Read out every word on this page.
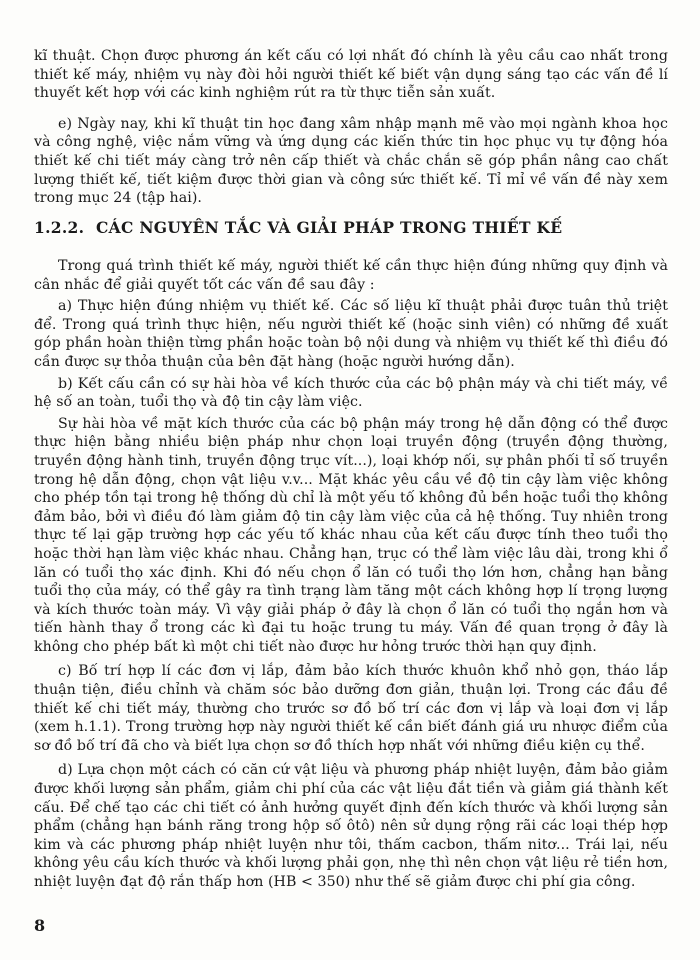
kĩ thuật. Chọn được phương án kết cấu có lợi nhất đó chính là yêu cầu cao nhất trong thiết kế máy, nhiệm vụ này đòi hỏi người thiết kế biết vận dụng sáng tạo các vấn đề lí thuyết kết hợp với các kinh nghiệm rút ra từ thực tiễn sản xuất.

e) Ngày nay, khi kĩ thuật tin học đang xâm nhập mạnh mẽ vào mọi ngành khoa học và công nghệ, việc nắm vững và ứng dụng các kiến thức tin học phục vụ tự động hóa thiết kế chi tiết máy càng trở nên cấp thiết và chắc chắn sẽ góp phần nâng cao chất lượng thiết kế, tiết kiệm được thời gian và công sức thiết kế. Tỉ mỉ về vấn đề này xem trong mục 24 (tập hai).

1.2.2. CÁC NGUYÊN TẮC VÀ GIẢI PHÁP TRONG THIẾT KẾ

Trong quá trình thiết kế máy, người thiết kế cần thực hiện đúng những quy định và cân nhắc để giải quyết tốt các vấn đề sau đây :

a) Thực hiện đúng nhiệm vụ thiết kế. Các số liệu kĩ thuật phải được tuân thủ triệt để. Trong quá trình thực hiện, nếu người thiết kế (hoặc sinh viên) có những đề xuất góp phần hoàn thiện từng phần hoặc toàn bộ nội dung và nhiệm vụ thiết kế thì điều đó cần được sự thỏa thuận của bên đặt hàng (hoặc người hướng dẫn).

b) Kết cấu cần có sự hài hòa về kích thước của các bộ phận máy và chi tiết máy, về hệ số an toàn, tuổi thọ và độ tin cậy làm việc.

Sự hài hòa về mặt kích thước của các bộ phận máy trong hệ dẫn động có thể được thực hiện bằng nhiều biện pháp như chọn loại truyền động (truyền động thường, truyền động hành tinh, truyền động trục vít...), loại khớp nối, sự phân phối tỉ số truyền trong hệ dẫn động, chọn vật liệu v.v... Mặt khác yêu cầu về độ tin cậy làm việc không cho phép tồn tại trong hệ thống dù chỉ là một yếu tố không đủ bền hoặc tuổi thọ không đảm bảo, bởi vì điều đó làm giảm độ tin cậy làm việc của cả hệ thống. Tuy nhiên trong thực tế lại gặp trường hợp các yếu tố khác nhau của kết cấu được tính theo tuổi thọ hoặc thời hạn làm việc khác nhau. Chẳng hạn, trục có thể làm việc lâu dài, trong khi ổ lăn có tuổi thọ xác định. Khi đó nếu chọn ổ lăn có tuổi thọ lớn hơn, chẳng hạn bằng tuổi thọ của máy, có thể gây ra tình trạng làm tăng một cách không hợp lí trọng lượng và kích thước toàn máy. Vì vậy giải pháp ở đây là chọn ổ lăn có tuổi thọ ngắn hơn và tiến hành thay ổ trong các kì đại tu hoặc trung tu máy. Vấn đề quan trọng ở đây là không cho phép bất kì một chi tiết nào được hư hỏng trước thời hạn quy định.

c) Bố trí hợp lí các đơn vị lắp, đảm bảo kích thước khuôn khổ nhỏ gọn, tháo lắp thuận tiện, điều chỉnh và chăm sóc bảo dưỡng đơn giản, thuận lợi. Trong các đầu đề thiết kế chi tiết máy, thường cho trước sơ đồ bố trí các đơn vị lắp và loại đơn vị lắp (xem h.1.1). Trong trường hợp này người thiết kế cần biết đánh giá ưu nhược điểm của sơ đồ bố trí đã cho và biết lựa chọn sơ đồ thích hợp nhất với những điều kiện cụ thể.

d) Lựa chọn một cách có căn cứ vật liệu và phương pháp nhiệt luyện, đảm bảo giảm được khối lượng sản phẩm, giảm chi phí của các vật liệu đắt tiền và giảm giá thành kết cấu. Để chế tạo các chi tiết có ảnh hưởng quyết định đến kích thước và khối lượng sản phẩm (chẳng hạn bánh răng trong hộp số ôtô) nên sử dụng rộng rãi các loại thép hợp kim và các phương pháp nhiệt luyện như tôi, thấm cacbon, thấm nitơ... Trái lại, nếu không yêu cầu kích thước và khối lượng phải gọn, nhẹ thì nên chọn vật liệu rẻ tiền hơn, nhiệt luyện đạt độ rắn thấp hơn (HB < 350) như thế sẽ giảm được chi phí gia công.

8
